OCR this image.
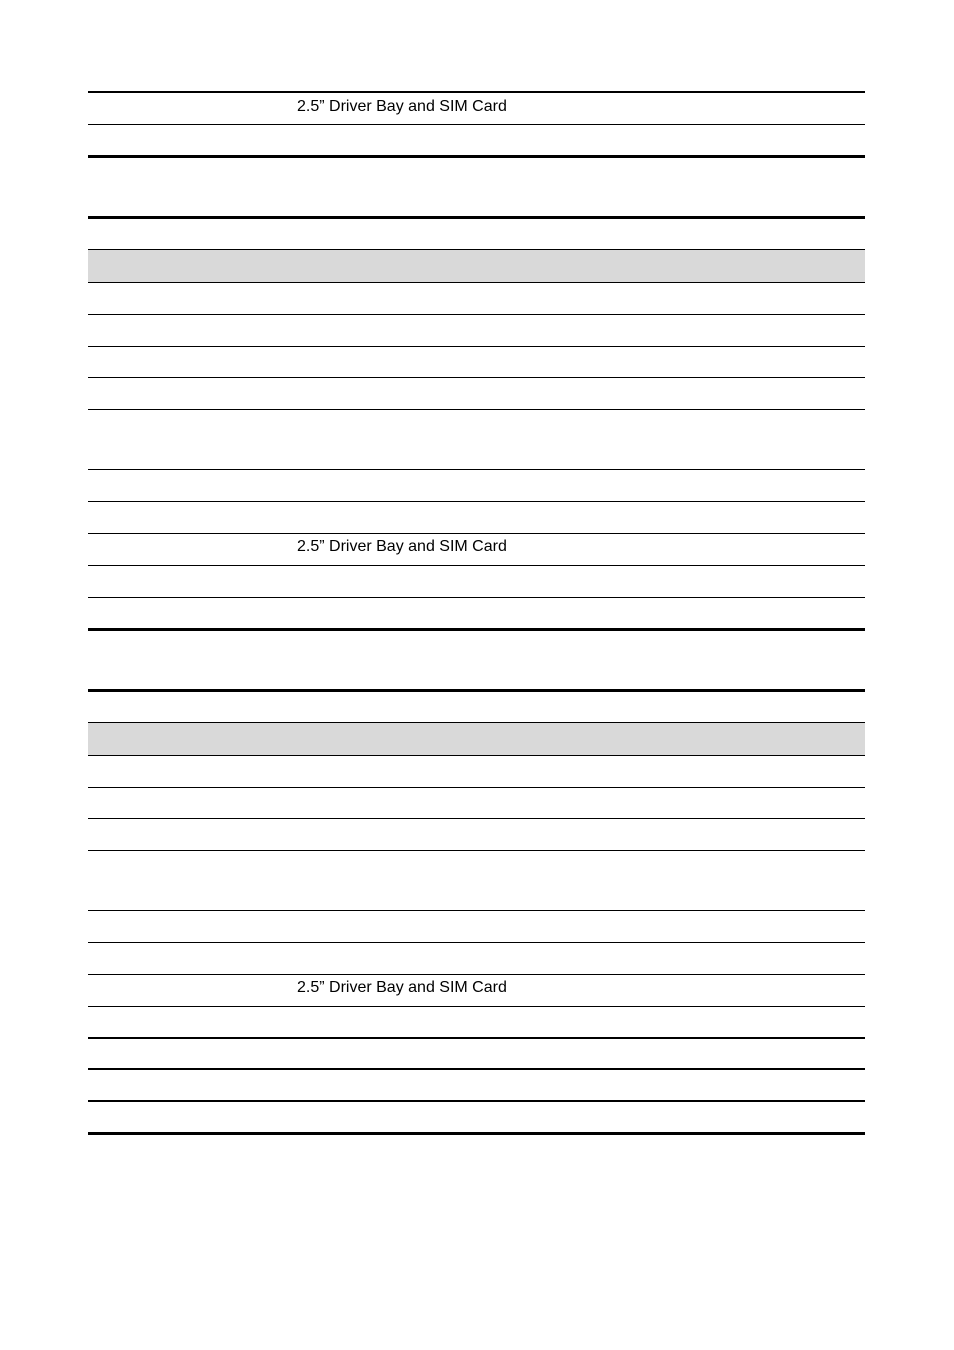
2.5” Driver Bay and SIM Card
2.5” Driver Bay and SIM Card
2.5” Driver Bay and SIM Card
